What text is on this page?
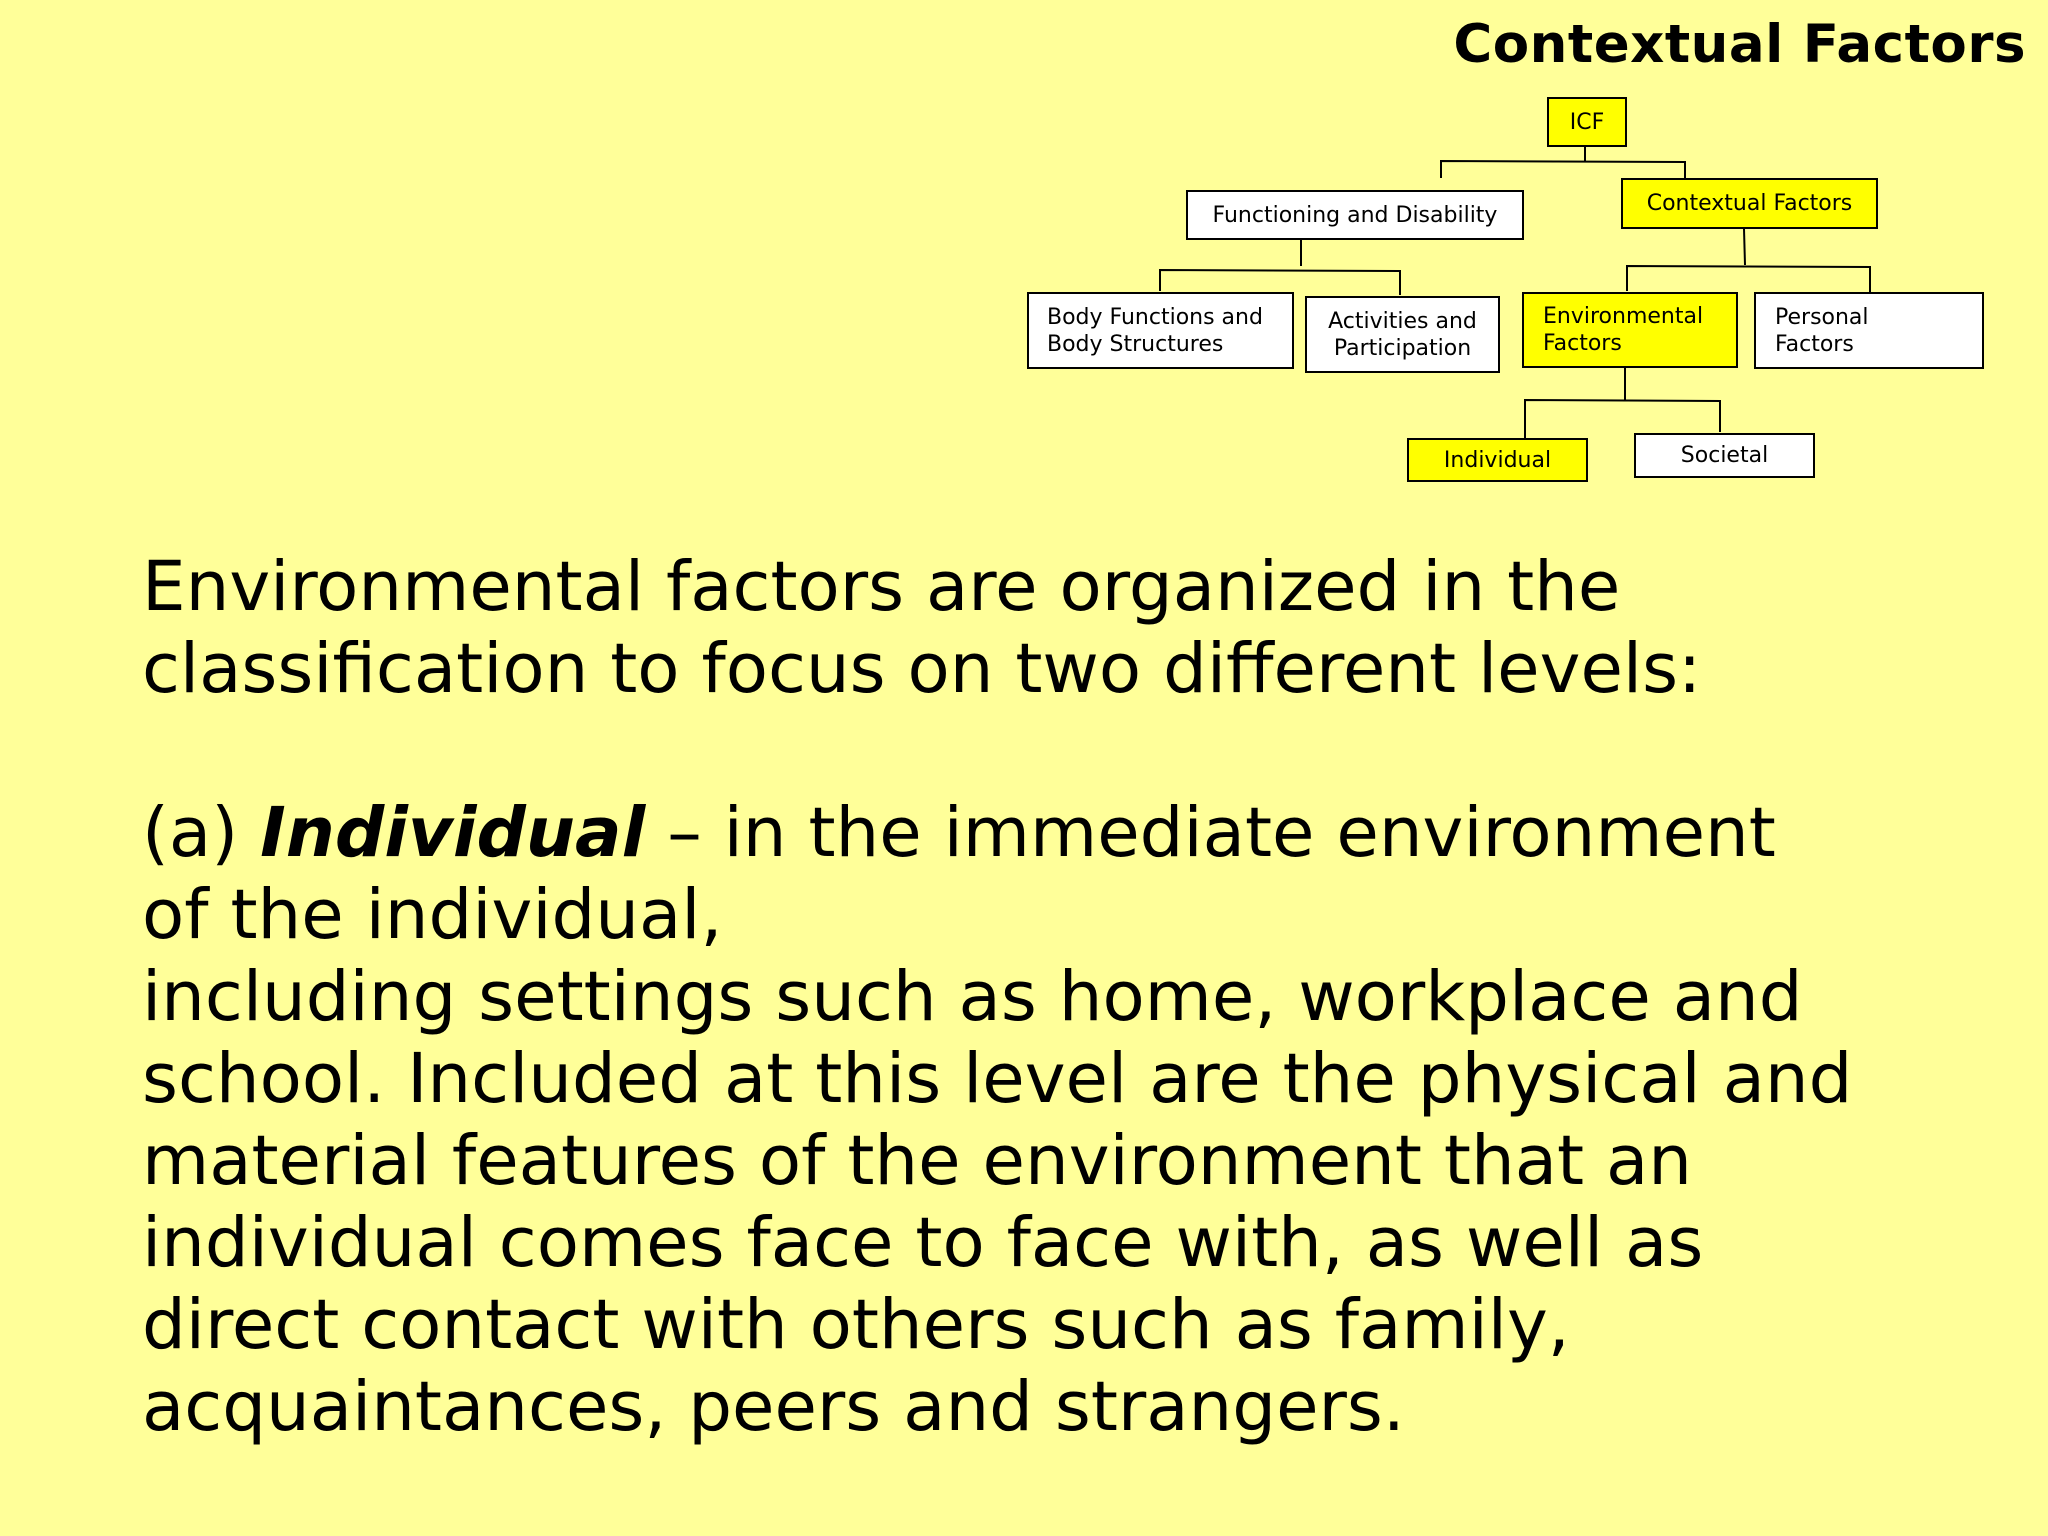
Contextual Factors
ICF
Functioning and Disability	Contextual Factors
Body Functions and
Body Structures
Activities and
Participation
Environmental
Factors
Personal
Factors
Individual	Societal

Environmental factors are organized in the

classification to focus on two different levels:

(a) Individual – in the immediate environment

of the individual,

including settings such as home, workplace and

school. Included at this level are the physical and

material features of the environment that an

individual comes face to face with, as well as

direct contact with others such as family,

acquaintances, peers and strangers.
